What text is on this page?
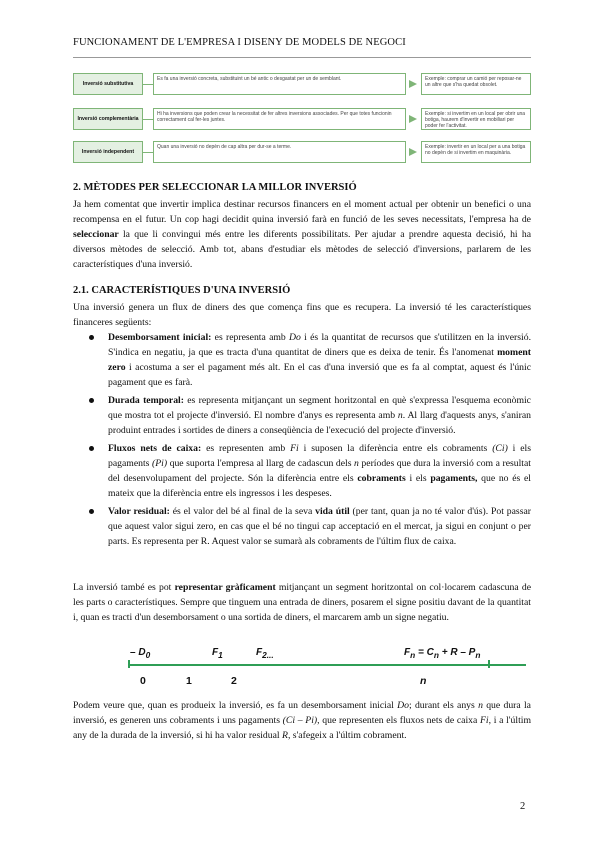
FUNCIONAMENT DE L'EMPRESA I DISENY DE MODELS DE NEGOCI
Inversió substitutiva
Es fa una inversió concreta, substituint un bé antic o desgastat per un de semblant.	Exemple: comprar un camió per reposar-ne un altre que s'ha quedat obsolet.
Inversió complementària
Hi ha inversions que poden crear la necessitat de fer altres inversions associades. Per que totes funcionin correctament cal fer-les juntes.
Exemple: si invertim en un local per obrir una botiga, haurem d'invertir en mobiliari per poder fer l'activitat.
Inversió independent
Quan una inversió no depèn de cap altra per dur-se a terme.	Exemple: invertir en un local per a una botiga no depèn de si invertim en maquinària.
2. MÈTODES PER SELECCIONAR LA MILLOR INVERSIÓ
Ja hem comentat que invertir implica destinar recursos financers en el moment actual per obtenir un benefici o una recompensa en el futur. Un cop hagi decidit quina inversió farà en funció de les seves necessitats, l'empresa ha de seleccionar la que li convingui més entre les diferents possibilitats. Per ajudar a prendre aquesta decisió, hi ha diversos mètodes de selecció. Amb tot, abans d'estudiar els mètodes de selecció d'inversions, parlarem de les característiques d'una inversió.
2.1. CARACTERÍSTIQUES D'UNA INVERSIÓ
Una inversió genera un flux de diners des que comença fins que es recupera. La inversió té les característiques financeres següents:
Desemborsament inicial: es representa amb Do i és la quantitat de recursos que s'utilitzen en la inversió. S'indica en negatiu, ja que es tracta d'una quantitat de diners que es deixa de tenir. És l'anomenat moment zero i acostuma a ser el pagament més alt. En el cas d'una inversió que es fa al comptat, aquest és l'únic pagament que es farà.
Durada temporal: es representa mitjançant un segment horitzontal en què s'expressa l'esquema econòmic que mostra tot el projecte d'inversió. El nombre d'anys es representa amb n. Al llarg d'aquests anys, s'aniran produint entrades i sortides de diners a conseqüència de l'execució del projecte d'inversió.
Fluxos nets de caixa: es representen amb Fi i suposen la diferència entre els cobraments (Ci) i els pagaments (Pi) que suporta l'empresa al llarg de cadascun dels n períodes que dura la inversió com a resultat del desenvolupament del projecte. Són la diferència entre els cobraments i els pagaments, que no és el mateix que la diferència entre els ingressos i les despeses.
Valor residual: és el valor del bé al final de la seva vida útil (per tant, quan ja no té valor d'ús). Pot passar que aquest valor sigui zero, en cas que el bé no tingui cap acceptació en el mercat, ja sigui en conjunt o per parts. Es representa per R. Aquest valor se sumarà als cobraments de l'últim flux de caixa.
La inversió també es pot representar gràficament mitjançant un segment horitzontal on col·locarem cadascuna de les parts o característiques. Sempre que tinguem una entrada de diners, posarem el signe positiu davant de la quantitat i, quan es tracti d'un desemborsament o una sortida de diners, el marcarem amb un signe negatiu.
– $D_0$	$F_1$	$F_{2...}$	$F_n = C_n + R - P_n$
0	1	2	n
Podem veure que, quan es produeix la inversió, es fa un desemborsament inicial Do; durant els anys n que dura la inversió, es generen uns cobraments i uns pagaments (Ci – Pi), que representen els fluxos nets de caixa Fi, i a l'últim any de la durada de la inversió, si hi ha valor residual R, s'afegeix a l'últim cobrament.
2
